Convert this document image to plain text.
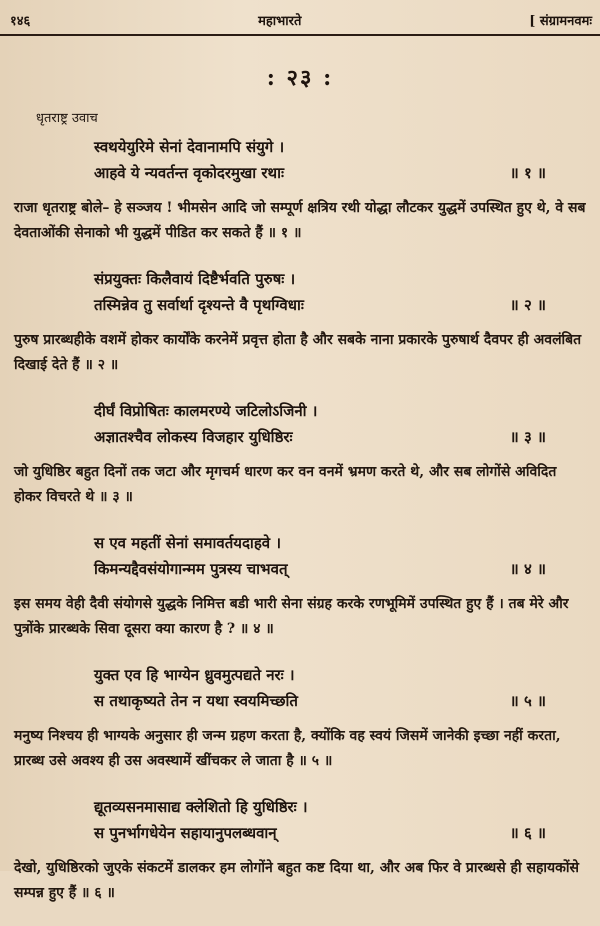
१४६	महाभारते	[ संग्रामनवमः
: २३ :
धृतराष्ट्र उवाच
स्वथयेयुरिमे सेनां देवानामपि संयुगे ।
आहवे ये न्यवर्तन्त वृकोदरमुखा रथाः	॥ १ ॥
राजा धृतराष्ट्र बोले– हे सञ्जय ! भीमसेन आदि जो सम्पूर्ण क्षत्रिय रथी योद्धा लौटकर युद्धमें उपस्थित हुए थे, वे सब देवताओंकी सेनाको भी युद्धमें पीडित कर सकते हैं ॥ १ ॥
संप्रयुक्तः किलैवायं दिष्टैर्भवति पुरुषः ।
तस्मिन्नेव तु सर्वार्था दृश्यन्ते वै पृथग्विधाः	॥ २ ॥
पुरुष प्रारब्धहीके वशमें होकर कार्योंके करनेमें प्रवृत्त होता है और सबके नाना प्रकारके पुरुषार्थ दैवपर ही अवलंबित दिखाई देते हैं ॥ २ ॥
दीर्घं विप्रोषितः कालमरण्ये जटिलोऽजिनी ।
अज्ञातश्चैव लोकस्य विजहार युधिष्ठिरः	॥ ३ ॥
जो युधिष्ठिर बहुत दिनों तक जटा और मृगचर्म धारण कर वन वनमें भ्रमण करते थे, और सब लोगोंसे अविदित होकर विचरते थे ॥ ३ ॥
स एव महतीं सेनां समावर्तयदाहवे ।
किमन्यद्दैवसंयोगान्मम पुत्रस्य चाभवत्	॥ ४ ॥
इस समय वेही दैवी संयोगसे युद्धके निमित्त बडी भारी सेना संग्रह करके रणभूमिमें उपस्थित हुए हैं । तब मेरे और पुत्रोंके प्रारब्धके सिवा दूसरा क्या कारण है ? ॥ ४ ॥
युक्त एव हि भाग्येन ध्रुवमुत्पद्यते नरः ।
स तथाकृष्यते तेन न यथा स्वयमिच्छति	॥ ५ ॥
मनुष्य निश्चय ही भाग्यके अनुसार ही जन्म ग्रहण करता है, क्योंकि वह स्वयं जिसमें जानेकी इच्छा नहीं करता, प्रारब्ध उसे अवश्य ही उस अवस्थामें खींचकर ले जाता है ॥ ५ ॥
द्यूतव्यसनमासाद्य क्लेशितो हि युधिष्ठिरः ।
स पुनर्भागधेयेन सहायानुपलब्धवान्	॥ ६ ॥
देखो, युधिष्ठिरको जुएके संकटमें डालकर हम लोगोंने बहुत कष्ट दिया था, और अब फिर वे प्रारब्धसे ही सहायकोंसे सम्पन्न हुए हैं ॥ ६ ॥
